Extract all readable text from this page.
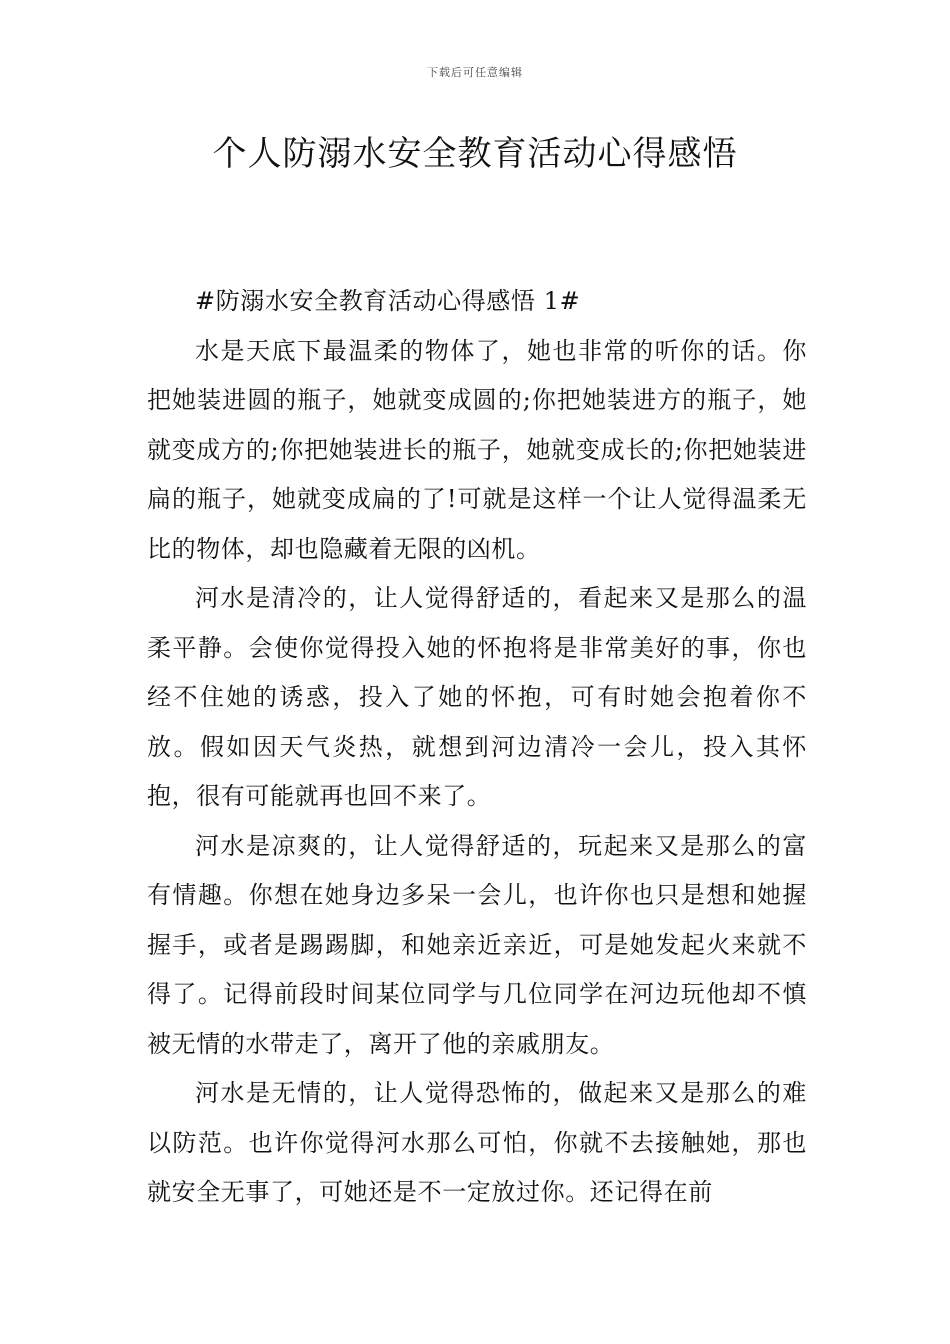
下载后可任意编辑
个人防溺水安全教育活动心得感悟

#防溺水安全教育活动心得感悟 1#

水是天底下最温柔的物体了，她也非常的听你的话。你把她装进圆的瓶子，她就变成圆的;你把她装进方的瓶子，她就变成方的;你把她装进长的瓶子，她就变成长的;你把她装进扁的瓶子，她就变成扁的了!可就是这样一个让人觉得温柔无比的物体，却也隐藏着无限的凶机。

河水是清冷的，让人觉得舒适的，看起来又是那么的温柔平静。会使你觉得投入她的怀抱将是非常美好的事，你也经不住她的诱惑，投入了她的怀抱，可有时她会抱着你不放。假如因天气炎热，就想到河边清冷一会儿，投入其怀抱，很有可能就再也回不来了。

河水是凉爽的，让人觉得舒适的，玩起来又是那么的富有情趣。你想在她身边多呆一会儿，也许你也只是想和她握握手，或者是踢踢脚，和她亲近亲近，可是她发起火来就不得了。记得前段时间某位同学与几位同学在河边玩他却不慎被无情的水带走了，离开了他的亲戚朋友。

河水是无情的，让人觉得恐怖的，做起来又是那么的难以防范。也许你觉得河水那么可怕，你就不去接触她，那也就安全无事了，可她还是不一定放过你。还记得在前
